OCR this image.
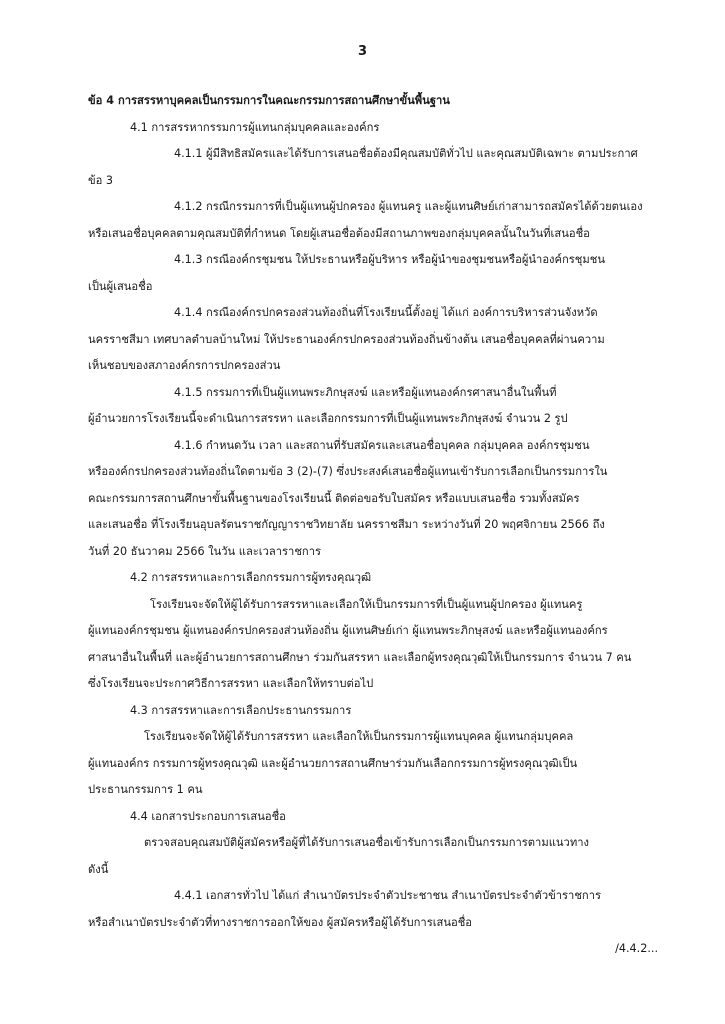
3
ข้อ 4 การสรรหาบุคคลเป็นกรรมการในคณะกรรมการสถานศึกษาขั้นพื้นฐาน
4.1 การสรรหากรรมการผู้แทนกลุ่มบุคคลและองค์กร
4.1.1 ผู้มีสิทธิสมัครและได้รับการเสนอชื่อต้องมีคุณสมบัติทั่วไป และคุณสมบัติเฉพาะ ตามประกาศ
ข้อ 3
4.1.2 กรณีกรรมการที่เป็นผู้แทนผู้ปกครอง ผู้แทนครู และผู้แทนศิษย์เก่าสามารถสมัครได้ด้วยตนเอง
หรือเสนอชื่อบุคคลตามคุณสมบัติที่กำหนด โดยผู้เสนอชื่อต้องมีสถานภาพของกลุ่มบุคคลนั้นในวันที่เสนอชื่อ
4.1.3 กรณีองค์กรชุมชน ให้ประธานหรือผู้บริหาร หรือผู้นำของชุมชนหรือผู้นำองค์กรชุมชน
เป็นผู้เสนอชื่อ
4.1.4 กรณีองค์กรปกครองส่วนท้องถิ่นที่โรงเรียนนี้ตั้งอยู่ ได้แก่ องค์การบริหารส่วนจังหวัด
นครราชสีมา เทศบาลตำบลบ้านใหม่ ให้ประธานองค์กรปกครองส่วนท้องถิ่นข้างต้น เสนอชื่อบุคคลที่ผ่านความ
เห็นชอบของสภาองค์กรการปกครองส่วน
4.1.5 กรรมการที่เป็นผู้แทนพระภิกษุสงฆ์ และหรือผู้แทนองค์กรศาสนาอื่นในพื้นที่
ผู้อำนวยการโรงเรียนนี้จะดำเนินการสรรหา และเลือกกรรมการที่เป็นผู้แทนพระภิกษุสงฆ์ จำนวน 2 รูป
4.1.6 กำหนดวัน เวลา และสถานที่รับสมัครและเสนอชื่อบุคคล กลุ่มบุคคล องค์กรชุมชน
หรือองค์กรปกครองส่วนท้องถิ่นใดตามข้อ 3 (2)-(7) ซึ่งประสงค์เสนอชื่อผู้แทนเข้ารับการเลือกเป็นกรรมการใน
คณะกรรมการสถานศึกษาขั้นพื้นฐานของโรงเรียนนี้ ติดต่อขอรับใบสมัคร หรือแบบเสนอชื่อ รวมทั้งสมัคร
และเสนอชื่อ ที่โรงเรียนอุบลรัตนราชกัญญาราชวิทยาลัย นครราชสีมา ระหว่างวันที่ 20 พฤศจิกายน 2566 ถึง
วันที่ 20 ธันวาคม 2566 ในวัน และเวลาราชการ
4.2 การสรรหาและการเลือกกรรมการผู้ทรงคุณวุฒิ
โรงเรียนจะจัดให้ผู้ได้รับการสรรหาและเลือกให้เป็นกรรมการที่เป็นผู้แทนผู้ปกครอง ผู้แทนครู
ผู้แทนองค์กรชุมชน ผู้แทนองค์กรปกครองส่วนท้องถิ่น ผู้แทนศิษย์เก่า ผู้แทนพระภิกษุสงฆ์ และหรือผู้แทนองค์กร
ศาสนาอื่นในพื้นที่ และผู้อำนวยการสถานศึกษา ร่วมกันสรรหา และเลือกผู้ทรงคุณวุฒิให้เป็นกรรมการ จำนวน 7 คน
ซึ่งโรงเรียนจะประกาศวิธีการสรรหา และเลือกให้ทราบต่อไป
4.3 การสรรหาและการเลือกประธานกรรมการ
โรงเรียนจะจัดให้ผู้ได้รับการสรรหา และเลือกให้เป็นกรรมการผู้แทนบุคคล ผู้แทนกลุ่มบุคคล
ผู้แทนองค์กร กรรมการผู้ทรงคุณวุฒิ และผู้อำนวยการสถานศึกษาร่วมกันเลือกกรรมการผู้ทรงคุณวุฒิเป็น
ประธานกรรมการ 1 คน
4.4 เอกสารประกอบการเสนอชื่อ
ตรวจสอบคุณสมบัติผู้สมัครหรือผู้ที่ได้รับการเสนอชื่อเข้ารับการเลือกเป็นกรรมการตามแนวทาง
ดังนี้
4.4.1 เอกสารทั่วไป ได้แก่ สำเนาบัตรประจำตัวประชาชน สำเนาบัตรประจำตัวข้าราชการ
หรือสำเนาบัตรประจำตัวที่ทางราชการออกให้ของ ผู้สมัครหรือผู้ได้รับการเสนอชื่อ
/4.4.2...
